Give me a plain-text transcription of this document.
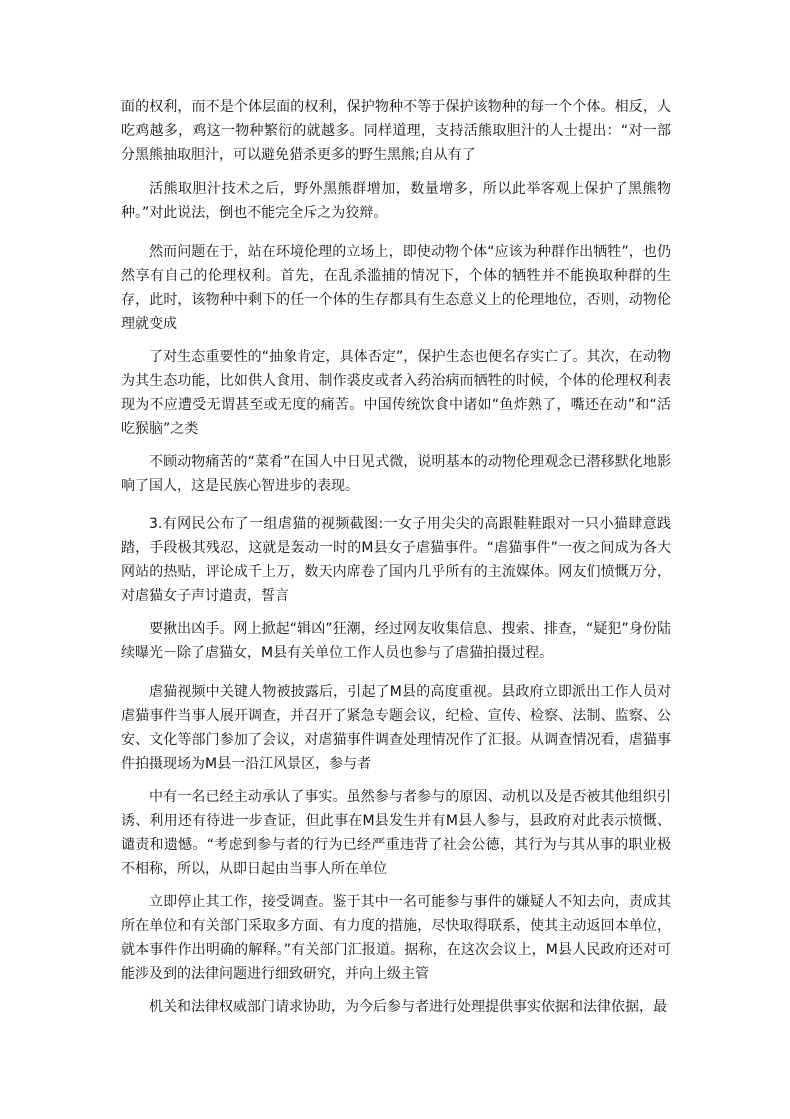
面的权利，而不是个体层面的权利，保护物种不等于保护该物种的每一个个体。相反，人吃鸡越多，鸡这一物种繁衍的就越多。同样道理，支持活熊取胆汁的人士提出：“对一部分黑熊抽取胆汁，可以避免猎杀更多的野生黑熊;自从有了

活熊取胆汁技术之后，野外黑熊群增加，数量增多，所以此举客观上保护了黑熊物种。”对此说法，倒也不能完全斥之为狡辩。

然而问题在于，站在环境伦理的立场上，即使动物个体“应该为种群作出牺牲”，也仍然享有自己的伦理权利。首先，在乱杀滥捕的情况下，个体的牺牲并不能换取种群的生存，此时，该物种中剩下的任一个体的生存都具有生态意义上的伦理地位，否则，动物伦理就变成

了对生态重要性的“抽象肯定，具体否定”，保护生态也便名存实亡了。其次，在动物为其生态功能，比如供人食用、制作裘皮或者入药治病而牺牲的时候，个体的伦理权利表现为不应遭受无谓甚至或无度的痛苦。中国传统饮食中诸如“鱼炸熟了，嘴还在动”和“活吃猴脑”之类

不顾动物痛苦的“菜肴”在国人中日见式微，说明基本的动物伦理观念已潜移默化地影响了国人，这是民族心智进步的表现。

3.有网民公布了一组虐猫的视频截图:一女子用尖尖的高跟鞋鞋跟对一只小猫肆意践踏，手段极其残忍，这就是轰动一时的M县女子虐猫事件。“虐猫事件”一夜之间成为各大网站的热贴，评论成千上万，数天内席卷了国内几乎所有的主流媒体。网友们愤慨万分，对虐猫女子声讨遣责，誓言

要揪出凶手。网上掀起“辑凶”狂潮，经过网友收集信息、搜索、排查，“疑犯”身份陆续曝光－除了虐猫女，M县有关单位工作人员也参与了虐猫拍摄过程。

虐猫视频中关键人物被披露后，引起了M县的高度重视。县政府立即派出工作人员对虐猫事件当事人展开调查，并召开了紧急专题会议，纪检、宣传、检察、法制、监察、公安、文化等部门参加了会议，对虐猫事件调查处理情况作了汇报。从调查情况看，虐猫事件拍摄现场为M县一沿江风景区，参与者

中有一名已经主动承认了事实。虽然参与者参与的原因、动机以及是否被其他组织引诱、利用还有待进一步查证，但此事在M县发生并有M县人参与，县政府对此表示愤慨、谴责和遗憾。“考虑到参与者的行为已经严重违背了社会公德，其行为与其从事的职业极不相称，所以，从即日起由当事人所在单位

立即停止其工作，接受调查。鉴于其中一名可能参与事件的嫌疑人不知去向，责成其所在单位和有关部门采取多方面、有力度的措施，尽快取得联系，使其主动返回本单位，就本事件作出明确的解释。”有关部门汇报道。据称，在这次会议上，M县人民政府还对可能涉及到的法律问题进行细致研究，并向上级主管

机关和法律权威部门请求协助，为今后参与者进行处理提供事实依据和法律依据，最
